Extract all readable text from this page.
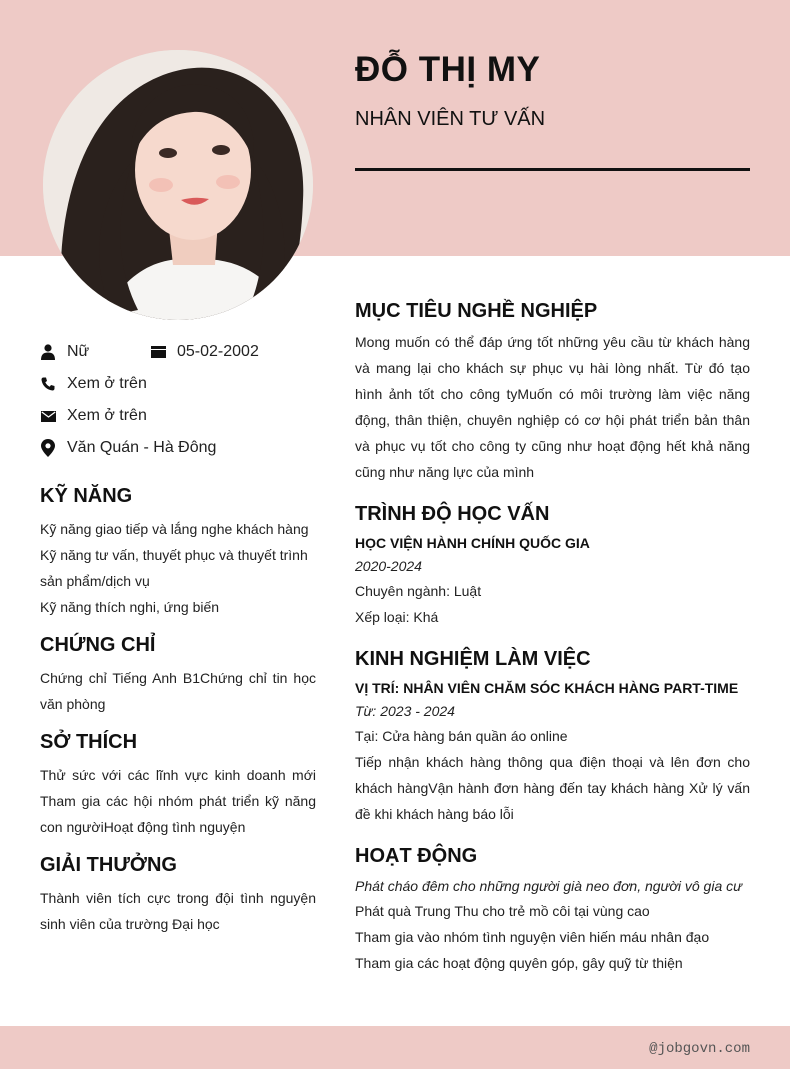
ĐỖ THỊ MY
NHÂN VIÊN TƯ VẤN
Nữ	05-02-2002
Xem ở trên
Xem ở trên
Văn Quán - Hà Đông
KỸ NĂNG
Kỹ năng giao tiếp và lắng nghe khách hàng
Kỹ năng tư vấn, thuyết phục và thuyết trình sản phẩm/dịch vụ
Kỹ năng thích nghi, ứng biến
CHỨNG CHỈ
Chứng chỉ Tiếng Anh B1Chứng chỉ tin học văn phòng
SỞ THÍCH
Thử sức với các lĩnh vực kinh doanh mới Tham gia các hội nhóm phát triển kỹ năng con ngườiHoạt động tình nguyện
GIẢI THƯỞNG
Thành viên tích cực trong đội tình nguyện sinh viên của trường Đại học
MỤC TIÊU NGHỀ NGHIỆP
Mong muốn có thể đáp ứng tốt những yêu cầu từ khách hàng và mang lại cho khách sự phục vụ hài lòng nhất. Từ đó tạo hình ảnh tốt cho công tyMuốn có môi trường làm việc năng động, thân thiện, chuyên nghiệp có cơ hội phát triển bản thân và phục vụ tốt cho công ty cũng như hoạt động hết khả năng cũng như năng lực của mình
TRÌNH ĐỘ HỌC VẤN
HỌC VIỆN HÀNH CHÍNH QUỐC GIA
2020-2024
Chuyên ngành: Luật
Xếp loại: Khá
KINH NGHIỆM LÀM VIỆC
VỊ TRÍ: NHÂN VIÊN CHĂM SÓC KHÁCH HÀNG PART-TIME
Từ: 2023 - 2024
Tại: Cửa hàng bán quần áo online
Tiếp nhận khách hàng thông qua điện thoại và lên đơn cho khách hàngVận hành đơn hàng đến tay khách hàng Xử lý vấn đề khi khách hàng báo lỗi
HOẠT ĐỘNG
Phát cháo đêm cho những người già neo đơn, người vô gia cư
Phát quà Trung Thu cho trẻ mồ côi tại vùng cao
Tham gia vào nhóm tình nguyện viên hiến máu nhân đạo
Tham gia các hoạt động quyên góp, gây quỹ từ thiện
@jobgovn.com
